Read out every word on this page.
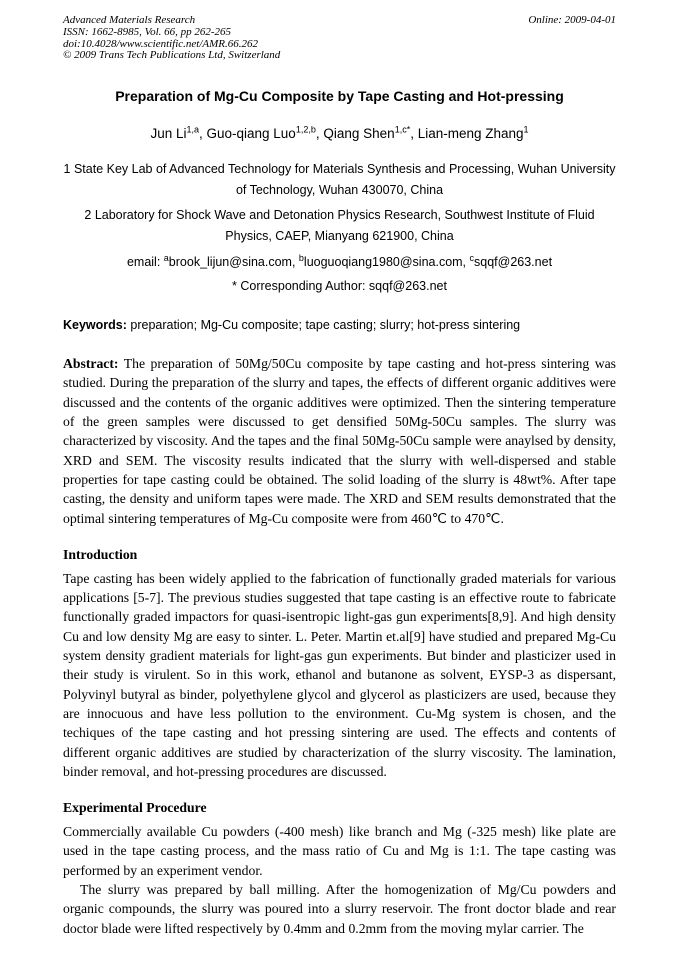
Advanced Materials Research
ISSN: 1662-8985, Vol. 66, pp 262-265
doi:10.4028/www.scientific.net/AMR.66.262
© 2009 Trans Tech Publications Ltd, Switzerland
Online: 2009-04-01
Preparation of Mg-Cu Composite by Tape Casting and Hot-pressing
Jun Li$^{1,a}$, Guo-qiang Luo$^{1,2,b}$, Qiang Shen$^{1,c*}$, Lian-meng Zhang$^1$
1 State Key Lab of Advanced Technology for Materials Synthesis and Processing, Wuhan University of Technology, Wuhan 430070, China
2 Laboratory for Shock Wave and Detonation Physics Research, Southwest Institute of Fluid Physics, CAEP, Mianyang 621900, China
email: $^a$brook_lijun@sina.com, $^b$luoguoqiang1980@sina.com, $^c$sqqf@263.net
* Corresponding Author: sqqf@263.net
Keywords: preparation; Mg-Cu composite; tape casting; slurry; hot-press sintering

Abstract: The preparation of 50Mg/50Cu composite by tape casting and hot-press sintering was studied. During the preparation of the slurry and tapes, the effects of different organic additives were discussed and the contents of the organic additives were optimized. Then the sintering temperature of the green samples were discussed to get densified 50Mg-50Cu samples. The slurry was characterized by viscosity. And the tapes and the final 50Mg-50Cu sample were anaylsed by density, XRD and SEM. The viscosity results indicated that the slurry with well-dispersed and stable properties for tape casting could be obtained. The solid loading of the slurry is 48wt%. After tape casting, the density and uniform tapes were made. The XRD and SEM results demonstrated that the optimal sintering temperatures of Mg-Cu composite were from 460℃ to 470℃.

Introduction

Tape casting has been widely applied to the fabrication of functionally graded materials for various applications [5-7]. The previous studies suggested that tape casting is an effective route to fabricate functionally graded impactors for quasi-isentropic light-gas gun experiments[8,9]. And high density Cu and low density Mg are easy to sinter. L. Peter. Martin et.al[9] have studied and prepared Mg-Cu system density gradient materials for light-gas gun experiments. But binder and plasticizer used in their study is virulent. So in this work, ethanol and butanone as solvent, EYSP-3 as dispersant, Polyvinyl butyral as binder, polyethylene glycol and glycerol as plasticizers are used, because they are innocuous and have less pollution to the environment. Cu-Mg system is chosen, and the techiques of the tape casting and hot pressing sintering are used. The effects and contents of different organic additives are studied by characterization of the slurry viscosity. The lamination, binder removal, and hot-pressing procedures are discussed.

Experimental Procedure

Commercially available Cu powders (-400 mesh) like branch and Mg (-325 mesh) like plate are used in the tape casting process, and the mass ratio of Cu and Mg is 1:1. The tape casting was performed by an experiment vendor.

The slurry was prepared by ball milling. After the homogenization of Mg/Cu powders and organic compounds, the slurry was poured into a slurry reservoir. The front doctor blade and rear doctor blade were lifted respectively by 0.4mm and 0.2mm from the moving mylar carrier. The
